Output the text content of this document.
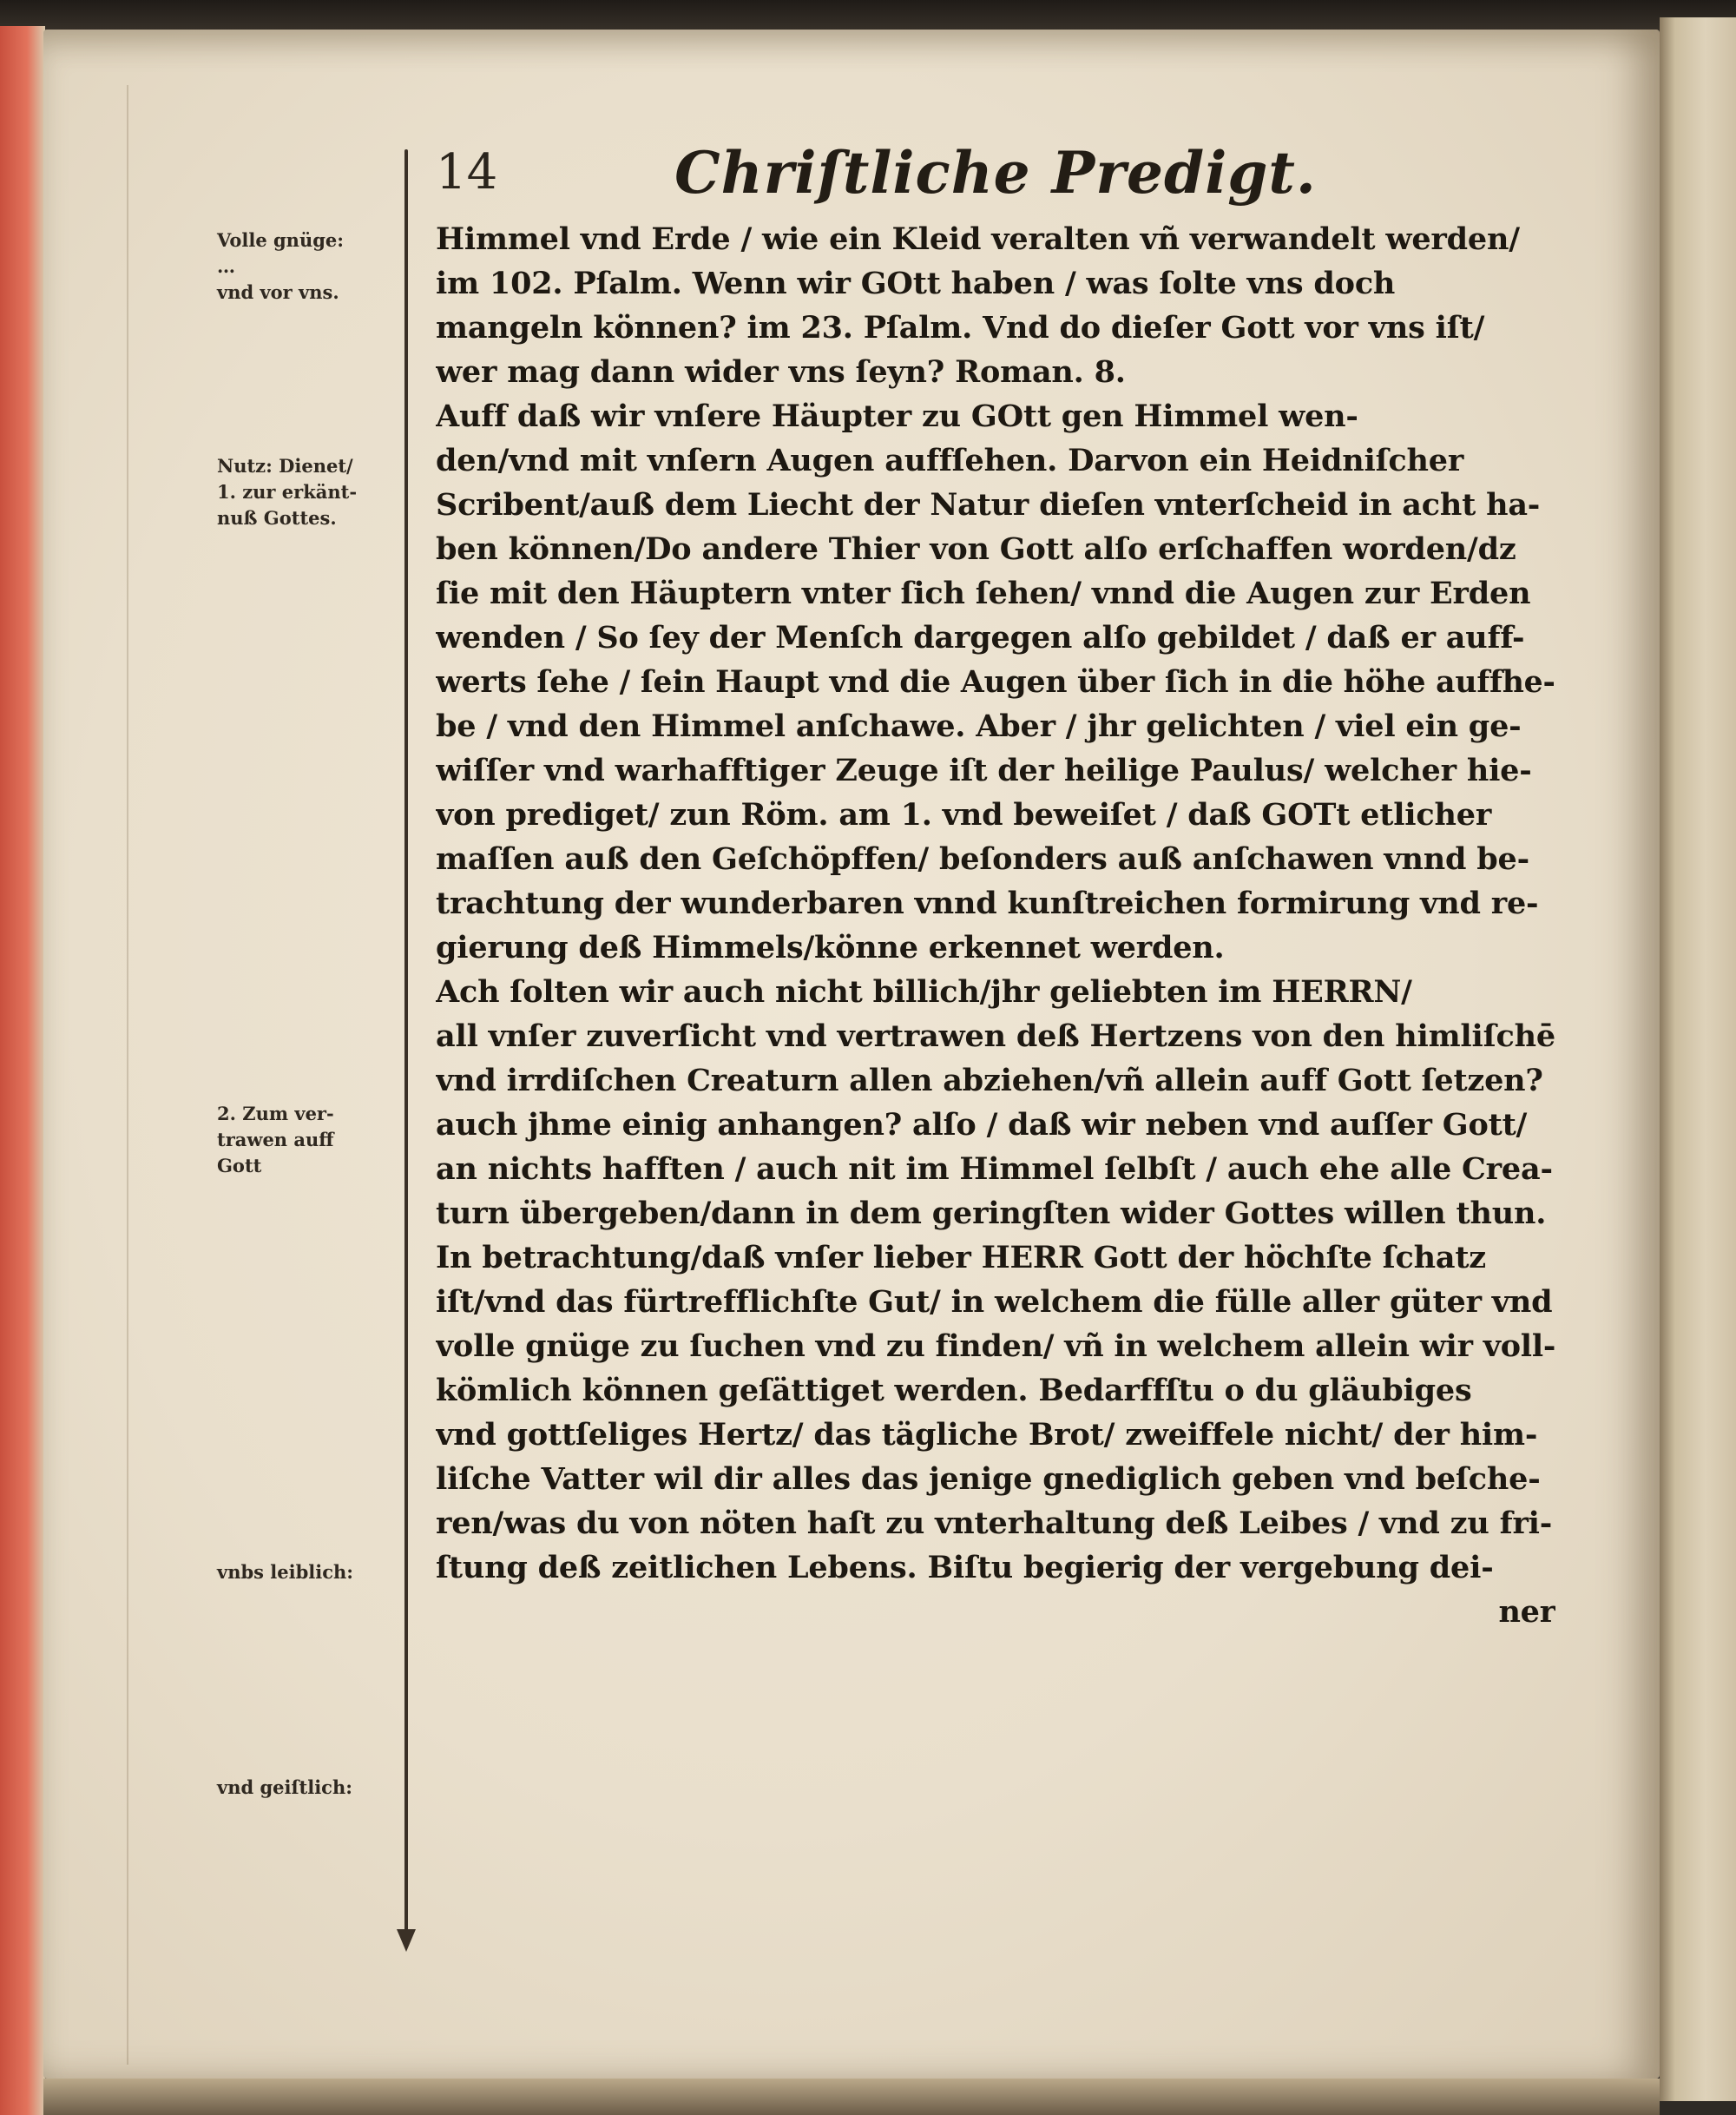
14	Chriſtliche Predigt.
Volle gnüge:
…
vnd vor vns.
Nutz: Dienet/
1. zur erkänt-
nuß Gottes.
2. Zum ver-
trawen auff
Gott
vnbs leiblich:
vnd geiſtlich:
Himmel vnd Erde / wie ein Kleid veralten vñ verwandelt werden/
im 102. Pſalm. Wenn wir GOtt haben / was ſolte vns doch
mangeln können? im 23. Pſalm. Vnd do dieſer Gott vor vns iſt/
wer mag dann wider vns ſeyn? Roman. 8.
Auff daß wir vnſere Häupter zu GOtt gen Himmel wen-
den/vnd mit vnſern Augen auffſehen. Darvon ein Heidniſcher
Scribent/auß dem Liecht der Natur dieſen vnterſcheid in acht ha-
ben können/Do andere Thier von Gott alſo erſchaffen worden/dz
ſie mit den Häuptern vnter ſich ſehen/ vnnd die Augen zur Erden
wenden / So ſey der Menſch dargegen alſo gebildet / daß er auff-
werts ſehe / ſein Haupt vnd die Augen über ſich in die höhe auffhe-
be / vnd den Himmel anſchawe. Aber / jhr gelichten / viel ein ge-
wiſſer vnd warhafftiger Zeuge iſt der heilige Paulus/ welcher hie-
von prediget/ zun Röm. am 1. vnd beweiſet / daß GOTt etlicher
maſſen auß den Geſchöpffen/ beſonders auß anſchawen vnnd be-
trachtung der wunderbaren vnnd kunſtreichen formirung vnd re-
gierung deß Himmels/könne erkennet werden.
Ach ſolten wir auch nicht billich/jhr geliebten im HERRN/
all vnſer zuverſicht vnd vertrawen deß Hertzens von den himliſchē
vnd irrdiſchen Creaturn allen abziehen/vñ allein auff Gott ſetzen?
auch jhme einig anhangen? alſo / daß wir neben vnd auſſer Gott/
an nichts hafften / auch nit im Himmel ſelbſt / auch ehe alle Crea-
turn übergeben/dann in dem geringſten wider Gottes willen thun.
In betrachtung/daß vnſer lieber HERR Gott der höchſte ſchatz
iſt/vnd das fürtrefflichſte Gut/ in welchem die fülle aller güter vnd
volle gnüge zu ſuchen vnd zu finden/ vñ in welchem allein wir voll-
kömlich können geſättiget werden. Bedarffſtu o du gläubiges
vnd gottſeliges Hertz/ das tägliche Brot/ zweiffele nicht/ der him-
liſche Vatter wil dir alles das jenige gnediglich geben vnd beſche-
ren/was du von nöten haſt zu vnterhaltung deß Leibes / vnd zu fri-
ſtung deß zeitlichen Lebens. Biſtu begierig der vergebung dei-
ner
